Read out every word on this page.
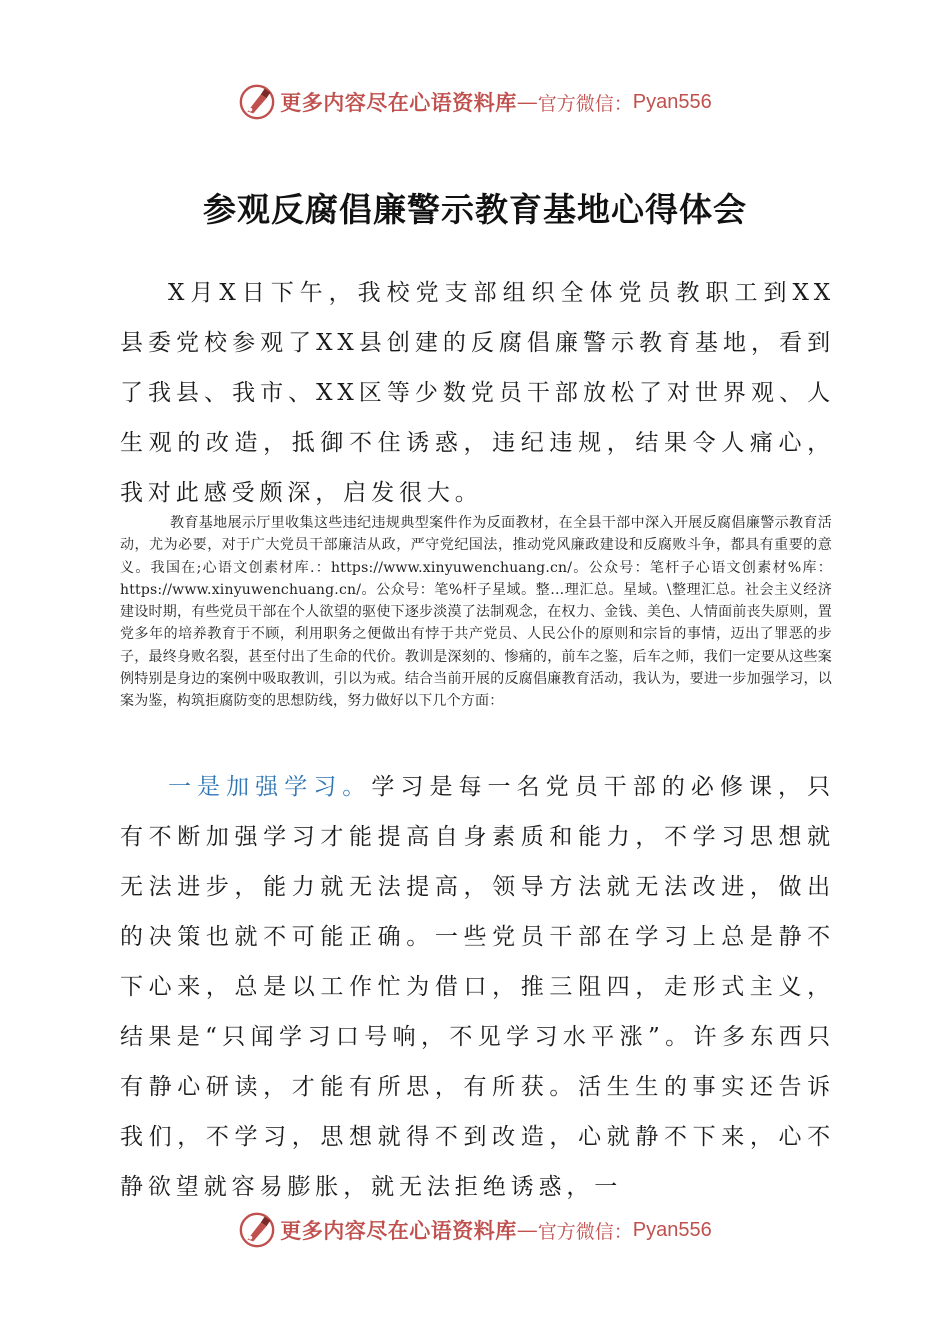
更多内容尽在心语资料库 — 官方微信： Pyan556
参观反腐倡廉警示教育基地心得体会
X月X日下午，我校党支部组织全体党员教职工到XX县委党校参观了XX县创建的反腐倡廉警示教育基地，看到了我县、我市、XX区等少数党员干部放松了对世界观、人生观的改造，抵御不住诱惑，违纪违规，结果令人痛心，我对此感受颇深，启发很大。
教育基地展示厅里收集这些违纪违规典型案件作为反面教材，在全县干部中深入开展反腐倡廉警示教育活动，尤为必要，对于广大党员干部廉洁从政，严守党纪国法，推动党风廉政建设和反腐败斗争，都具有重要的意义。我国在;心语文创素材库.：https://www.xinyuwenchuang.cn/。公众号：笔杆子心语文创素材%库：https://www.xinyuwenchuang.cn/。公众号：笔%杆子星域。整…理汇总。星域。\整理汇总。社会主义经济建设时期，有些党员干部在个人欲望的驱使下逐步淡漠了法制观念，在权力、金钱、美色、人情面前丧失原则，置党多年的培养教育于不顾，利用职务之便做出有悖于共产党员、人民公仆的原则和宗旨的事情，迈出了罪恶的步子，最终身败名裂，甚至付出了生命的代价。教训是深刻的、惨痛的，前车之鉴，后车之师，我们一定要从这些案例特别是身边的案例中吸取教训，引以为戒。结合当前开展的反腐倡廉教育活动，我认为，要进一步加强学习，以案为鉴，构筑拒腐防变的思想防线，努力做好以下几个方面：
一是加强学习。学习是每一名党员干部的必修课，只有不断加强学习才能提高自身素质和能力，不学习思想就无法进步，能力就无法提高，领导方法就无法改进，做出的决策也就不可能正确。一些党员干部在学习上总是静不下心来，总是以工作忙为借口，推三阻四，走形式主义，结果是“只闻学习口号响，不见学习水平涨”。许多东西只有静心研读，才能有所思，有所获。活生生的事实还告诉我们，不学习，思想就得不到改造，心就静不下来，心不静欲望就容易膨胀，就无法拒绝诱惑，一
更多内容尽在心语资料库 — 官方微信： Pyan556
